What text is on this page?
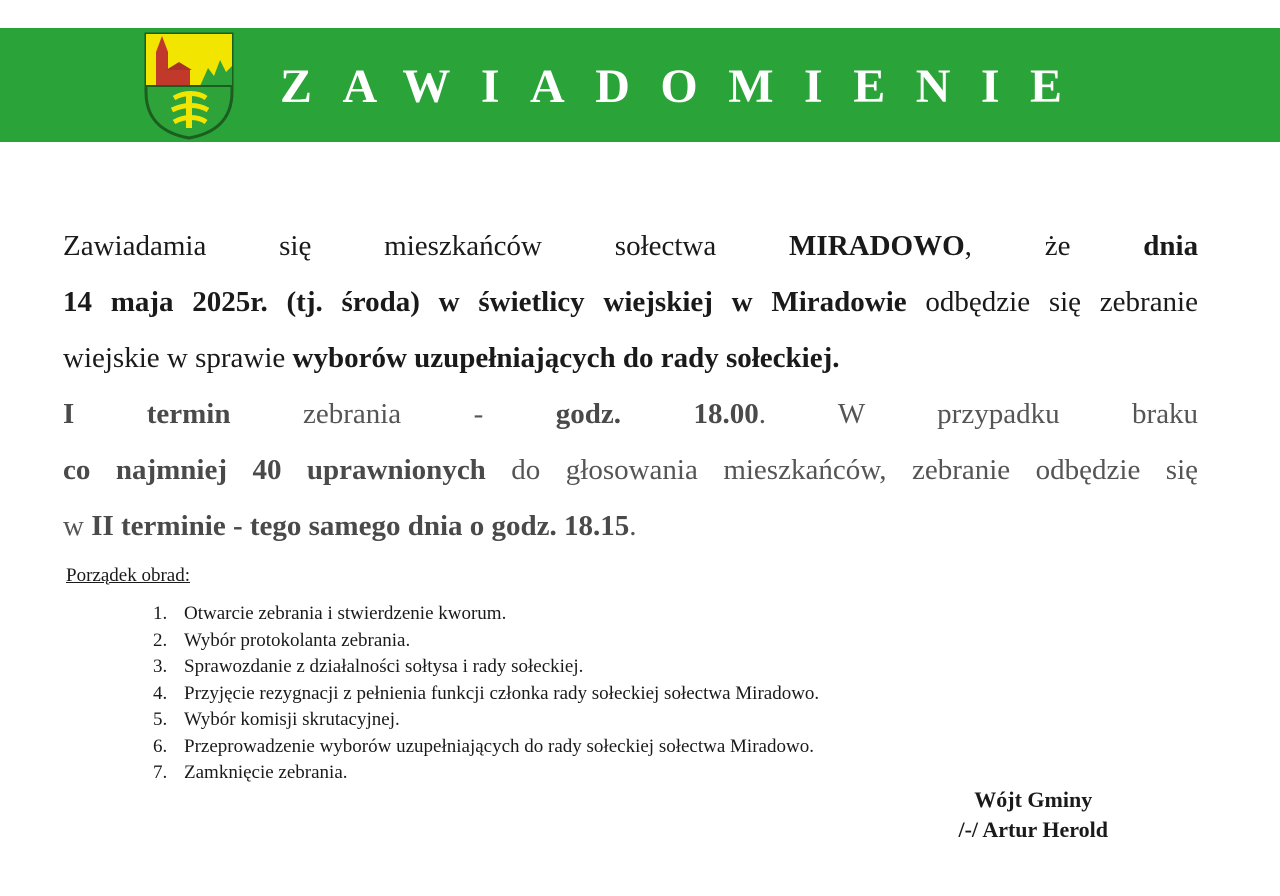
ZAWIADOMIENIE
Zawiadamia	się	mieszkańców	sołectwa	MIRADOWO,	że	dnia
14 maja 2025r. (tj. środa) w świetlicy wiejskiej w Miradowie odbędzie się zebranie
wiejskie w sprawie wyborów uzupełniających do rady sołeckiej.
I termin zebrania - godz. 18.00. W przypadku braku
co najmniej 40 uprawnionych do głosowania mieszkańców, zebranie odbędzie się
w II terminie - tego samego dnia o godz. 18.15.
Porządek obrad:
1. Otwarcie zebrania i stwierdzenie kworum.
2. Wybór protokolanta zebrania.
3. Sprawozdanie z działalności sołtysa i rady sołeckiej.
4. Przyjęcie rezygnacji z pełnienia funkcji członka rady sołeckiej sołectwa Miradowo.
5. Wybór komisji skrutacyjnej.
6. Przeprowadzenie wyborów uzupełniających do rady sołeckiej sołectwa Miradowo.
7. Zamknięcie zebrania.
Wójt Gminy
/-/ Artur Herold
